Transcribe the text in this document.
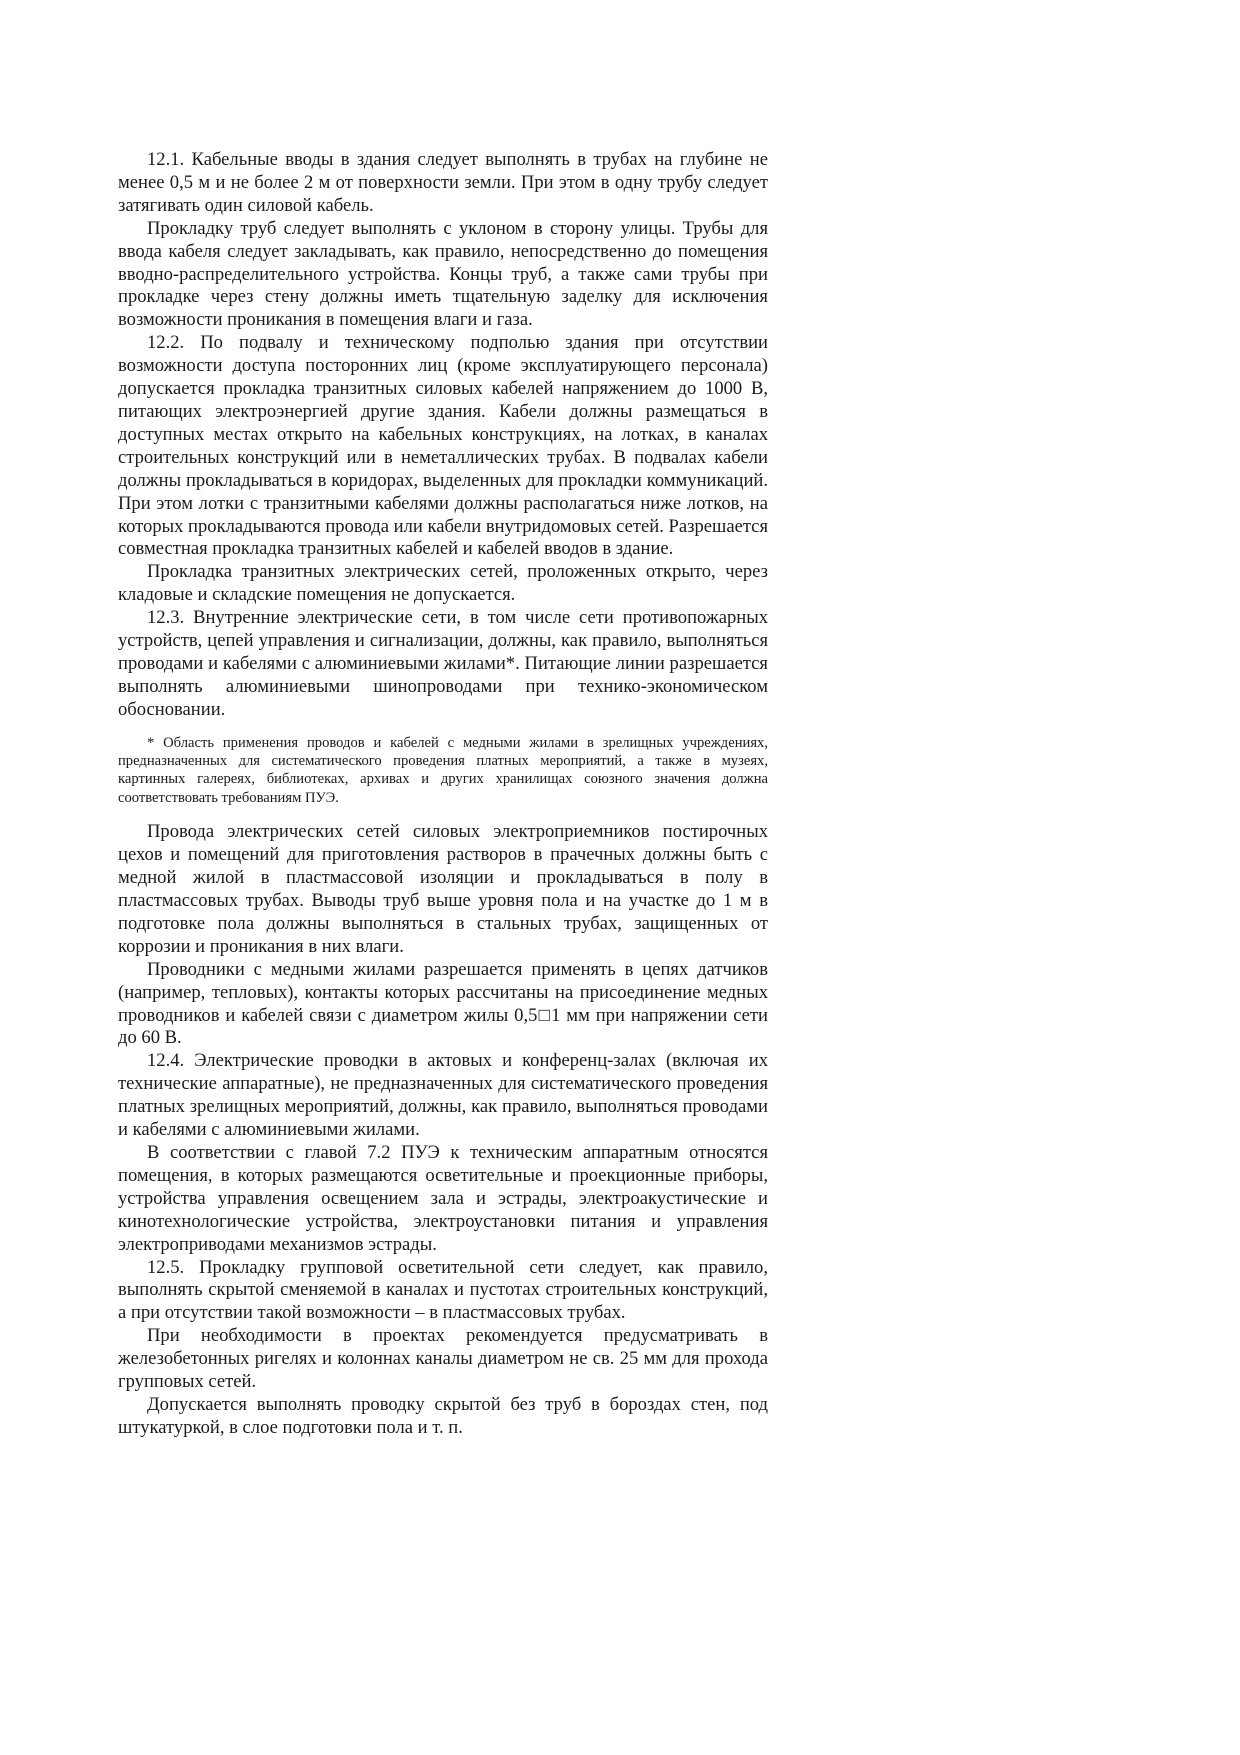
12.1. Кабельные вводы в здания следует выполнять в трубах на глубине не менее 0,5 м и не более 2 м от поверхности земли. При этом в одну трубу следует затягивать один силовой кабель.

Прокладку труб следует выполнять с уклоном в сторону улицы. Трубы для ввода кабеля следует закладывать, как правило, непосредственно до помещения вводно-распределительного устройства. Концы труб, а также сами трубы при прокладке через стену должны иметь тщательную заделку для исключения возможности проникания в помещения влаги и газа.

12.2. По подвалу и техническому подполью здания при отсутствии возможности доступа посторонних лиц (кроме эксплуатирующего персонала) допускается прокладка транзитных силовых кабелей напряжением до 1000 В, питающих электроэнергией другие здания. Кабели должны размещаться в доступных местах открыто на кабельных конструкциях, на лотках, в каналах строительных конструкций или в неметаллических трубах. В подвалах кабели должны прокладываться в коридорах, выделенных для прокладки коммуникаций. При этом лотки с транзитными кабелями должны располагаться ниже лотков, на которых прокладываются провода или кабели внутридомовых сетей. Разрешается совместная прокладка транзитных кабелей и кабелей вводов в здание.

Прокладка транзитных электрических сетей, проложенных открыто, через кладовые и складские помещения не допускается.

12.3. Внутренние электрические сети, в том числе сети противопожарных устройств, цепей управления и сигнализации, должны, как правило, выполняться проводами и кабелями с алюминиевыми жилами*. Питающие линии разрешается выполнять алюминиевыми шинопроводами при технико-экономическом обосновании.

* Область применения проводов и кабелей с медными жилами в зрелищных учреждениях, предназначенных для систематического проведения платных мероприятий, а также в музеях, картинных галереях, библиотеках, архивах и других хранилищах союзного значения должна соответствовать требованиям ПУЭ.

Провода электрических сетей силовых электроприемников постирочных цехов и помещений для приготовления растворов в прачечных должны быть с медной жилой в пластмассовой изоляции и прокладываться в полу в пластмассовых трубах. Выводы труб выше уровня пола и на участке до 1 м в подготовке пола должны выполняться в стальных трубах, защищенных от коррозии и проникания в них влаги.

Проводники с медными жилами разрешается применять в цепях датчиков (например, тепловых), контакты которых рассчитаны на присоединение медных проводников и кабелей связи с диаметром жилы 0,5□1 мм при напряжении сети до 60 В.

12.4. Электрические проводки в актовых и конференц-залах (включая их технические аппаратные), не предназначенных для систематического проведения платных зрелищных мероприятий, должны, как правило, выполняться проводами и кабелями с алюминиевыми жилами.

В соответствии с главой 7.2 ПУЭ к техническим аппаратным относятся помещения, в которых размещаются осветительные и проекционные приборы, устройства управления освещением зала и эстрады, электроакустические и кинотехнологические устройства, электроустановки питания и управления электроприводами механизмов эстрады.

12.5. Прокладку групповой осветительной сети следует, как правило, выполнять скрытой сменяемой в каналах и пустотах строительных конструкций, а при отсутствии такой возможности – в пластмассовых трубах.

При необходимости в проектах рекомендуется предусматривать в железобетонных ригелях и колоннах каналы диаметром не св. 25 мм для прохода групповых сетей.

Допускается выполнять проводку скрытой без труб в бороздах стен, под штукатуркой, в слое подготовки пола и т. п.
